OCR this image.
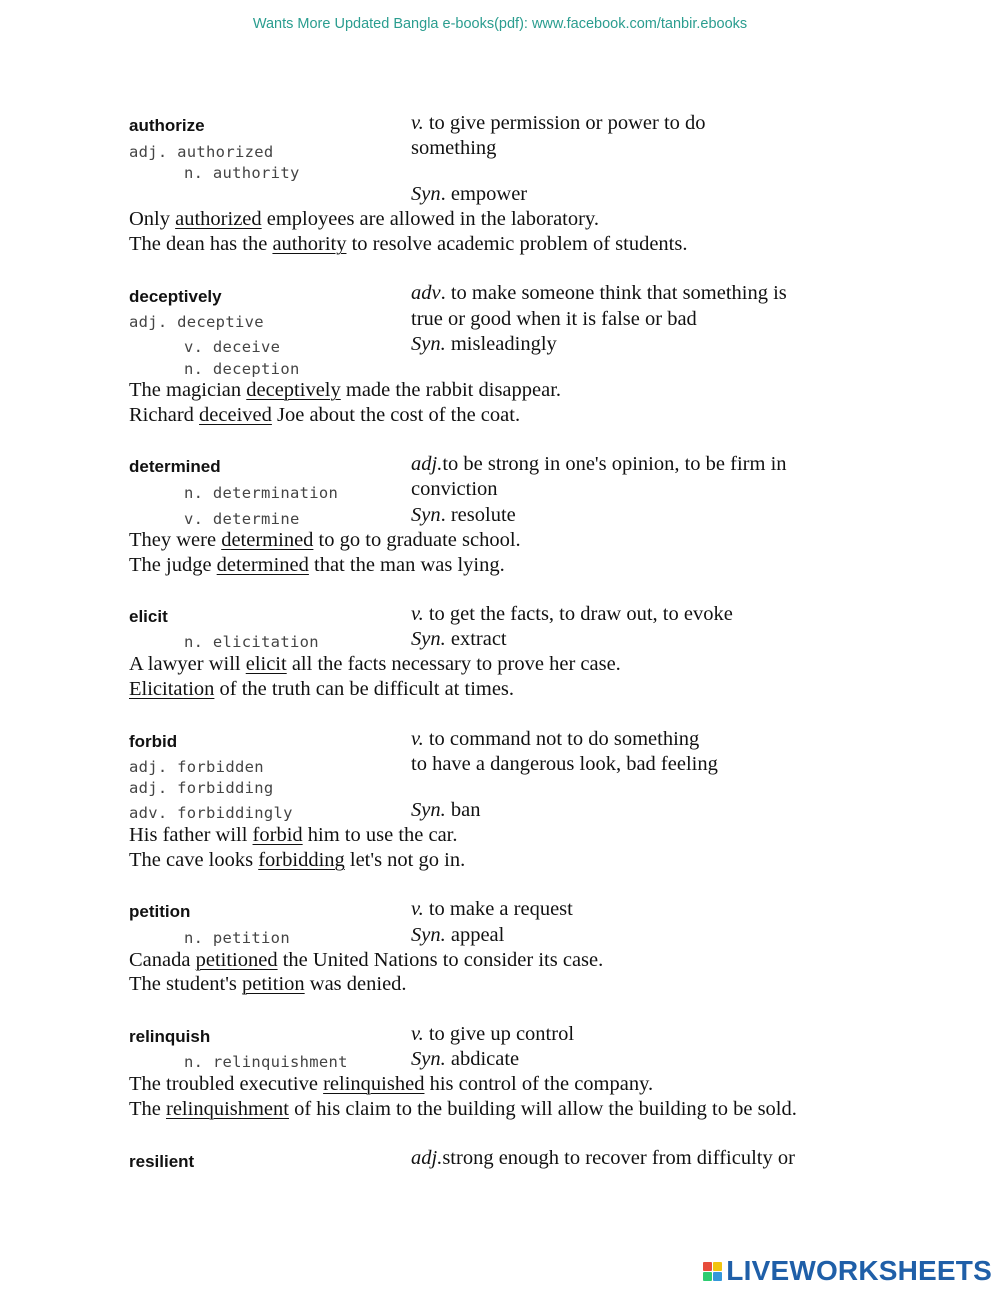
Wants More Updated Bangla e-books(pdf): www.facebook.com/tanbir.ebooks
authorize
adj. authorized
n. authority
v. to give permission or power to do
something
Syn. empower
Only authorized employees are allowed in the laboratory.
The dean has the authority to resolve academic problem of students.
deceptively
adj. deceptive
v. deceive
n. deception
adv. to make someone think that something is
true or good when it is false or bad
Syn. misleadingly
The magician deceptively made the rabbit disappear.
Richard deceived Joe about the cost of the coat.
determined
n. determination
v. determine
adj.to be strong in one's opinion, to be firm in
conviction
Syn. resolute
They were determined to go to graduate school.
The judge determined that the man was lying.
elicit
n. elicitation
v. to get the facts, to draw out, to evoke
Syn. extract
A lawyer will elicit all the facts necessary to prove her case.
Elicitation of the truth can be difficult at times.
forbid
adj. forbidden
adj. forbidding
adv. forbiddingly
v. to command not to do something
to have a dangerous look, bad feeling
Syn. ban
His father will forbid him to use the car.
The cave looks forbidding let's not go in.
petition
n. petition
v. to make a request
Syn. appeal
Canada petitioned the United Nations to consider its case.
The student's petition was denied.
relinquish
n. relinquishment
v. to give up control
Syn. abdicate
The troubled executive relinquished his control of the company.
The relinquishment of his claim to the building will allow the building to be sold.
resilient	adj.strong enough to recover from difficulty or
LIVEWORKSHEETS
